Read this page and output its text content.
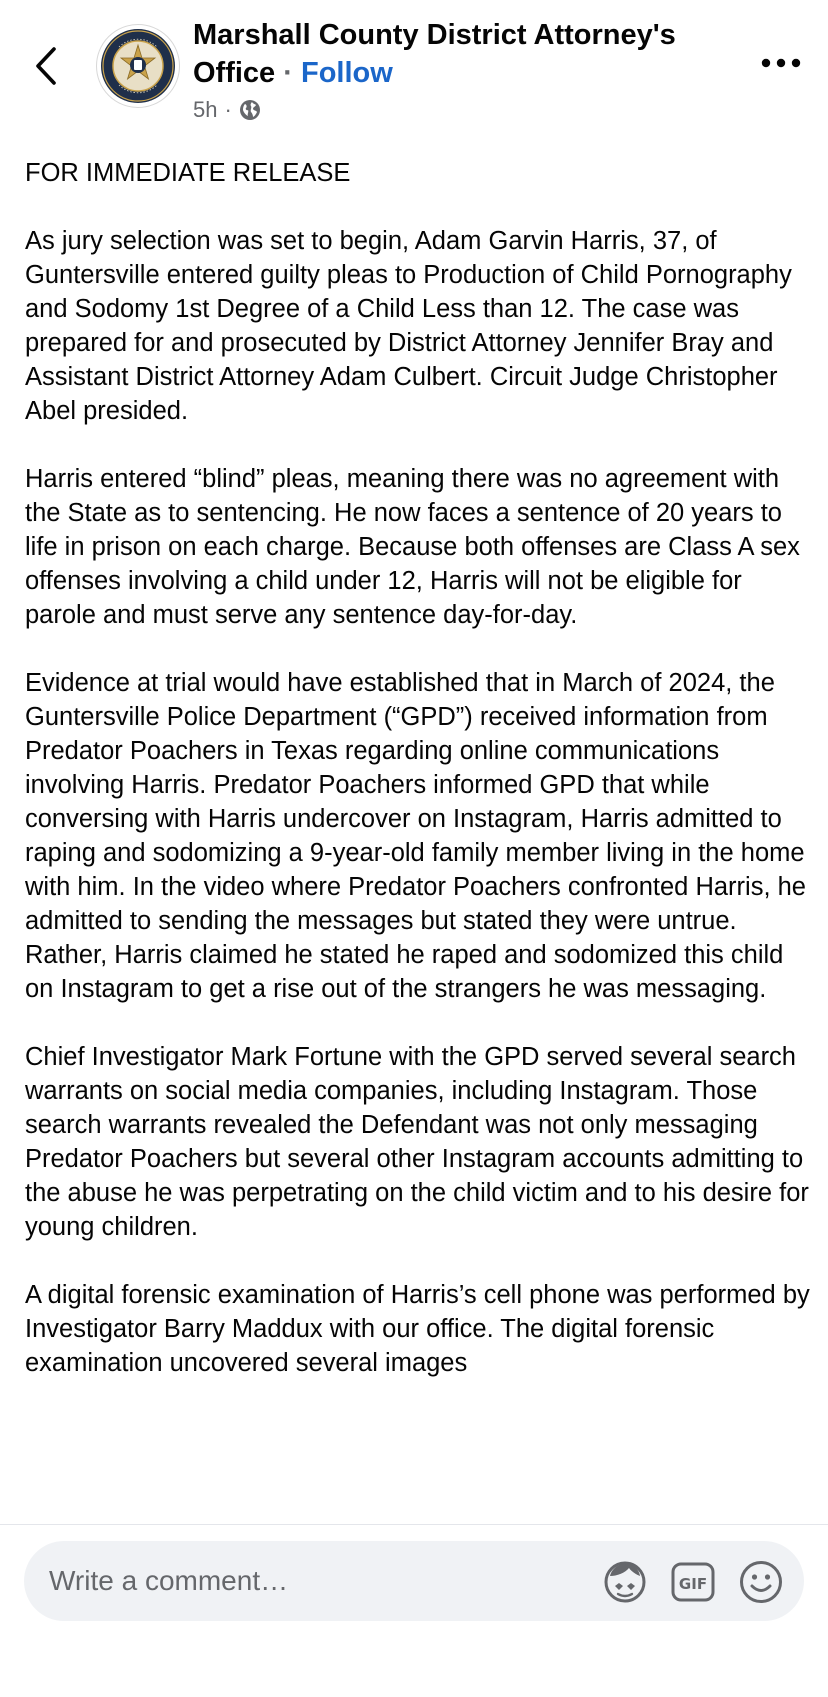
Marshall County District Attorney's
Office · Follow
5h ·

FOR IMMEDIATE RELEASE

As jury selection was set to begin, Adam Garvin Harris, 37, of Guntersville entered guilty pleas to Production of Child Pornography and Sodomy 1st Degree of a Child Less than 12. The case was prepared for and prosecuted by District Attorney Jennifer Bray and Assistant District Attorney Adam Culbert. Circuit Judge Christopher Abel presided.

Harris entered “blind” pleas, meaning there was no agreement with the State as to sentencing. He now faces a sentence of 20 years to life in prison on each charge. Because both offenses are Class A sex offenses involving a child under 12, Harris will not be eligible for parole and must serve any sentence day-for-day.

Evidence at trial would have established that in March of 2024, the Guntersville Police Department (“GPD”) received information from Predator Poachers in Texas regarding online communications involving Harris. Predator Poachers informed GPD that while conversing with Harris undercover on Instagram, Harris admitted to raping and sodomizing a 9-year-old family member living in the home with him. In the video where Predator Poachers confronted Harris, he admitted to sending the messages but stated they were untrue. Rather, Harris claimed he stated he raped and sodomized this child on Instagram to get a rise out of the strangers he was messaging.

Chief Investigator Mark Fortune with the GPD served several search warrants on social media companies, including Instagram. Those search warrants revealed the Defendant was not only messaging Predator Poachers but several other Instagram accounts admitting to the abuse he was perpetrating on the child victim and to his desire for young children.

A digital forensic examination of Harris’s cell phone was performed by Investigator Barry Maddux with our office. The digital forensic examination uncovered several images

Write a comment…	GIF
